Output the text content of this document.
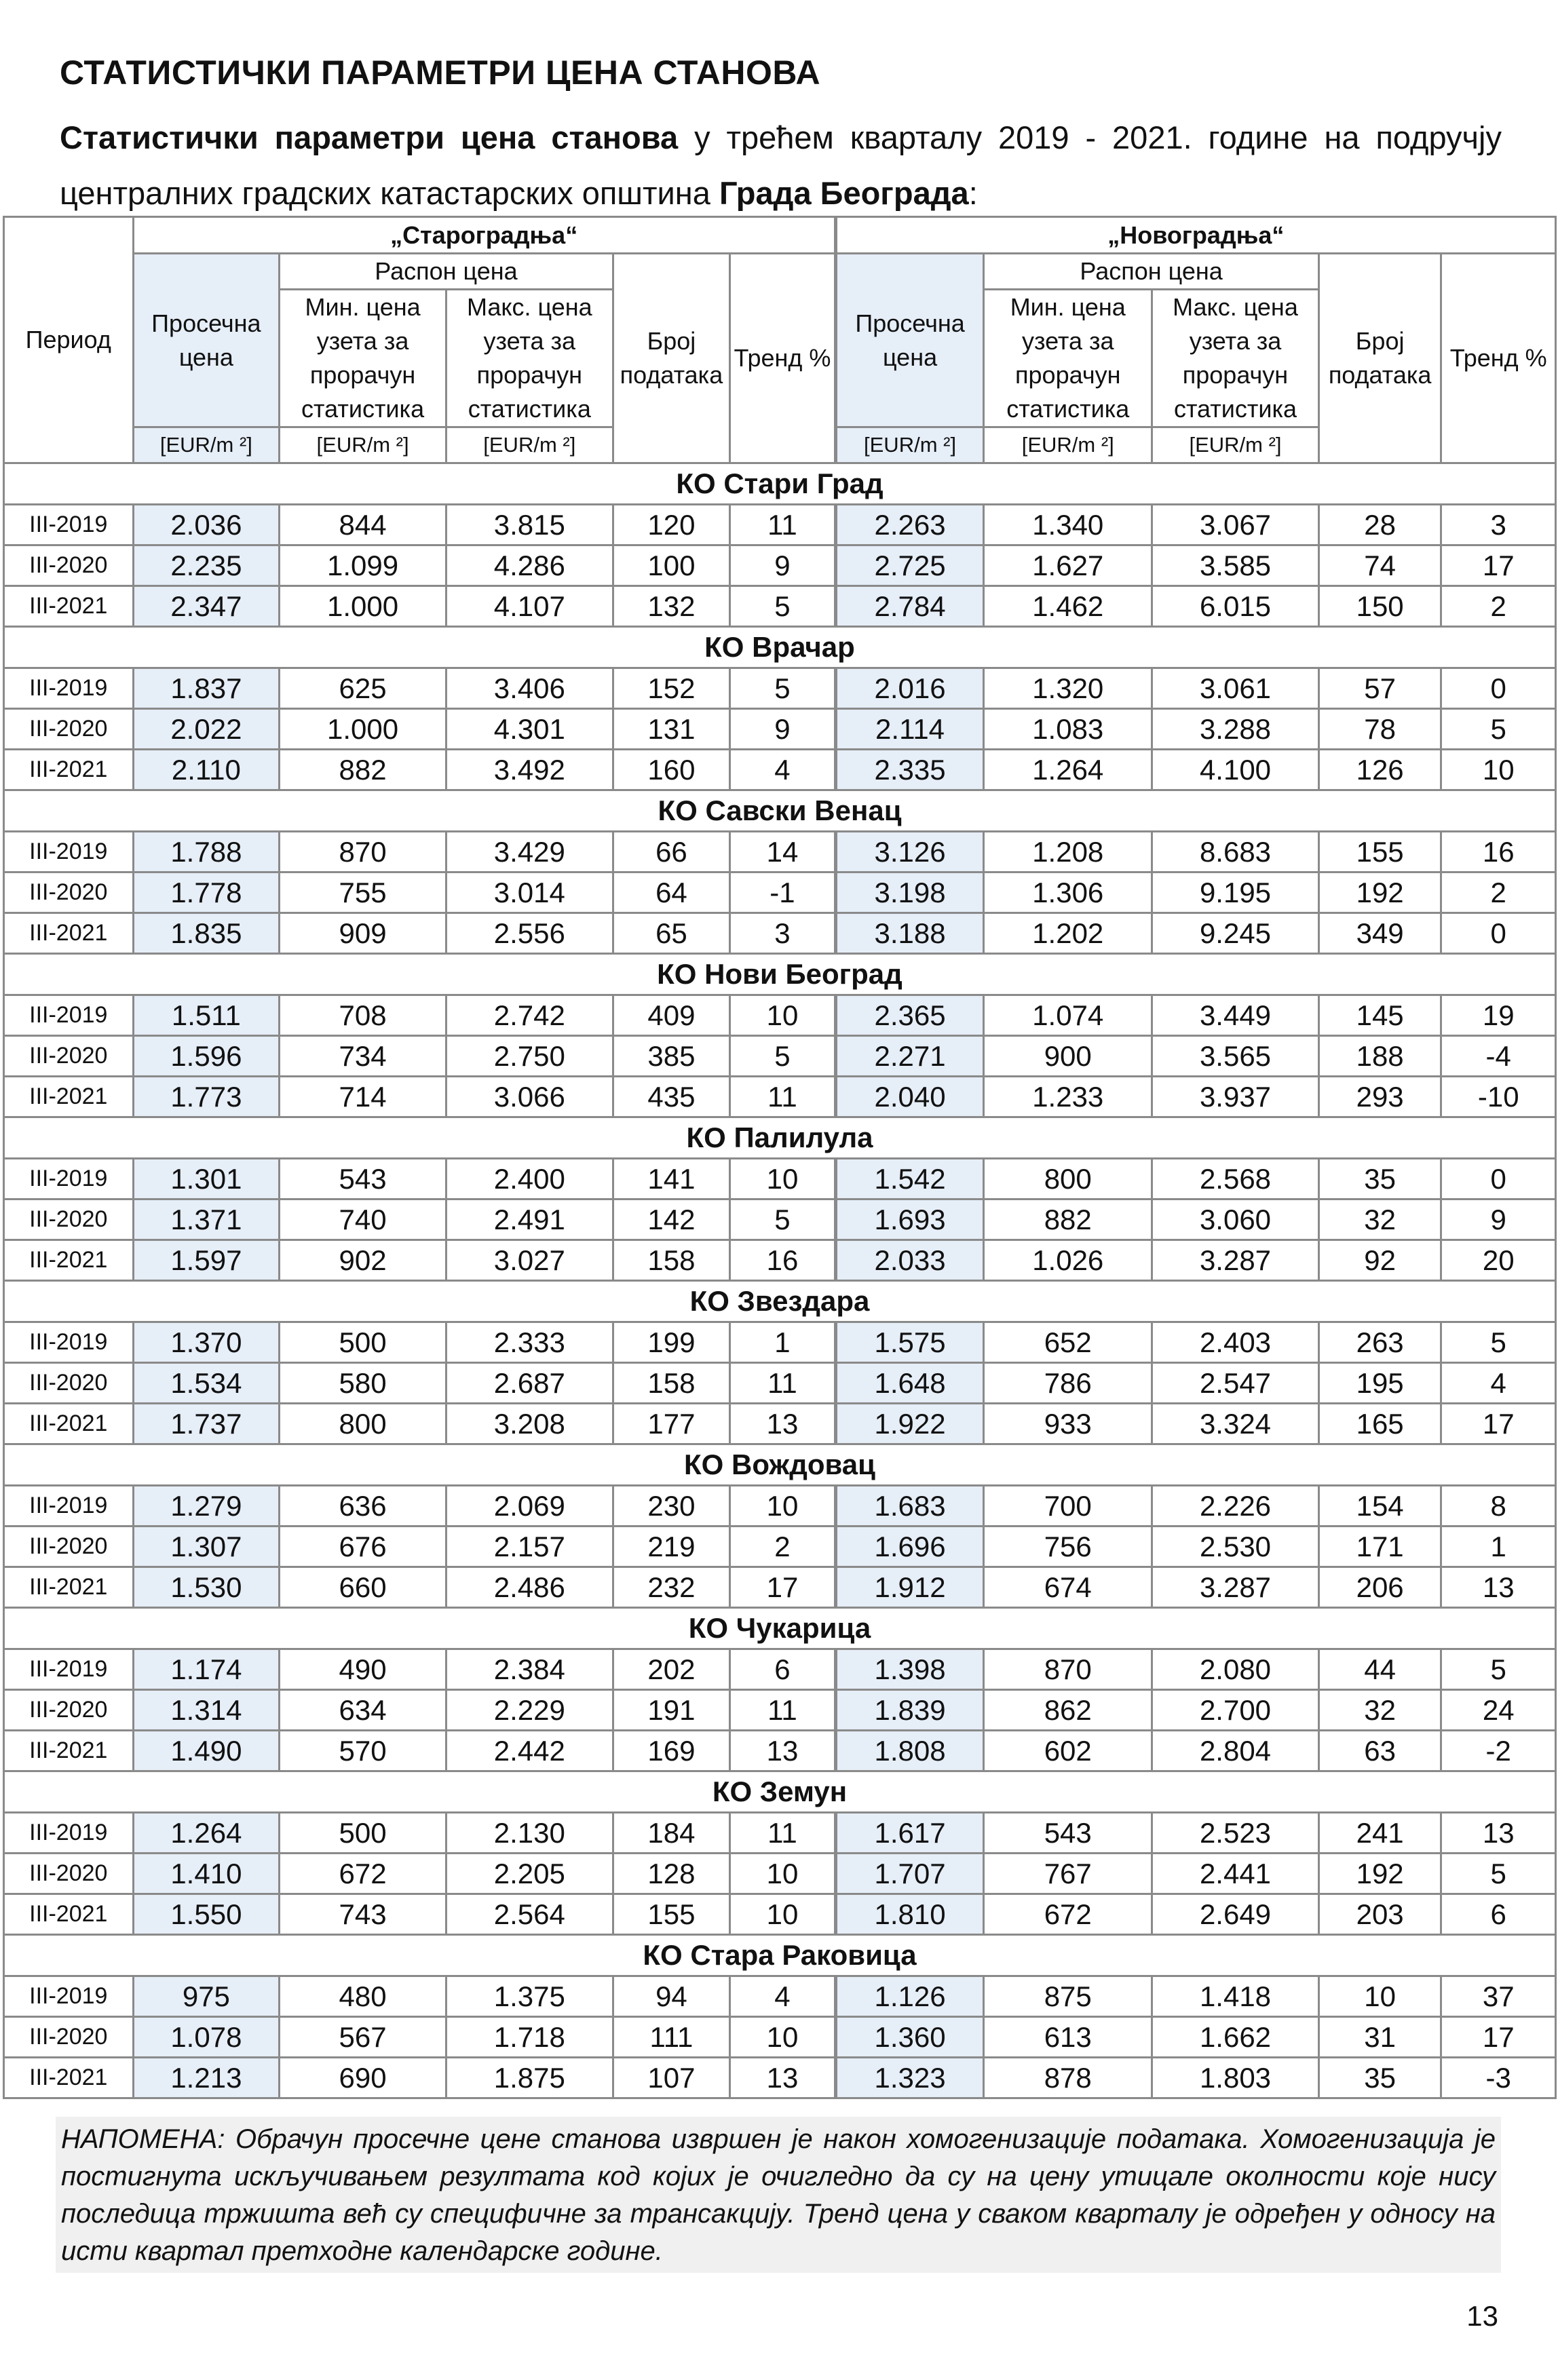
СТАТИСТИЧКИ ПАРАМЕТРИ ЦЕНА СТАНОВА
Статистички параметри цена станова у трећем кварталу 2019 - 2021. године на подручју централних градских катастарских општина Града Београда:
Период	„Староградња“					„Новоградња“				
	Просечна цена	Распон цена		Број података	Тренд %	Просечна цена	Распон цена		Број података	Тренд %
		Мин. цена узета за прорачун статистика	Макс. цена узета за прорачун статистика				Мин. цена узета за прорачун статистика	Макс. цена узета за прорачун статистика		
	[EUR/m ²]	[EUR/m ²]	[EUR/m ²]			[EUR/m ²]	[EUR/m ²]	[EUR/m ²]		
КО Стари Град										
III-2019	2.036	844	3.815	120	11	2.263	1.340	3.067	28	3
III-2020	2.235	1.099	4.286	100	9	2.725	1.627	3.585	74	17
III-2021	2.347	1.000	4.107	132	5	2.784	1.462	6.015	150	2
КО Врачар										
III-2019	1.837	625	3.406	152	5	2.016	1.320	3.061	57	0
III-2020	2.022	1.000	4.301	131	9	2.114	1.083	3.288	78	5
III-2021	2.110	882	3.492	160	4	2.335	1.264	4.100	126	10
КО Савски Венац										
III-2019	1.788	870	3.429	66	14	3.126	1.208	8.683	155	16
III-2020	1.778	755	3.014	64	-1	3.198	1.306	9.195	192	2
III-2021	1.835	909	2.556	65	3	3.188	1.202	9.245	349	0
КО Нови Београд										
III-2019	1.511	708	2.742	409	10	2.365	1.074	3.449	145	19
III-2020	1.596	734	2.750	385	5	2.271	900	3.565	188	-4
III-2021	1.773	714	3.066	435	11	2.040	1.233	3.937	293	-10
КО Палилула										
III-2019	1.301	543	2.400	141	10	1.542	800	2.568	35	0
III-2020	1.371	740	2.491	142	5	1.693	882	3.060	32	9
III-2021	1.597	902	3.027	158	16	2.033	1.026	3.287	92	20
КО Звездара										
III-2019	1.370	500	2.333	199	1	1.575	652	2.403	263	5
III-2020	1.534	580	2.687	158	11	1.648	786	2.547	195	4
III-2021	1.737	800	3.208	177	13	1.922	933	3.324	165	17
КО Вождовац										
III-2019	1.279	636	2.069	230	10	1.683	700	2.226	154	8
III-2020	1.307	676	2.157	219	2	1.696	756	2.530	171	1
III-2021	1.530	660	2.486	232	17	1.912	674	3.287	206	13
КО Чукарица										
III-2019	1.174	490	2.384	202	6	1.398	870	2.080	44	5
III-2020	1.314	634	2.229	191	11	1.839	862	2.700	32	24
III-2021	1.490	570	2.442	169	13	1.808	602	2.804	63	-2
КО Земун										
III-2019	1.264	500	2.130	184	11	1.617	543	2.523	241	13
III-2020	1.410	672	2.205	128	10	1.707	767	2.441	192	5
III-2021	1.550	743	2.564	155	10	1.810	672	2.649	203	6
КО Стара Раковица										
III-2019	975	480	1.375	94	4	1.126	875	1.418	10	37
III-2020	1.078	567	1.718	111	10	1.360	613	1.662	31	17
III-2021	1.213	690	1.875	107	13	1.323	878	1.803	35	-3
НАПОМЕНА: Обрачун просечне цене станова извршен је након хомогенизације података. Хомогенизација је постигнута искључивањем резултата код којих је очигледно да су на цену утицале околности које нису последица тржишта већ су специфичне за трансакцију. Тренд цена у сваком кварталу је одређен у односу на исти квартал претходне календарске године.
13
